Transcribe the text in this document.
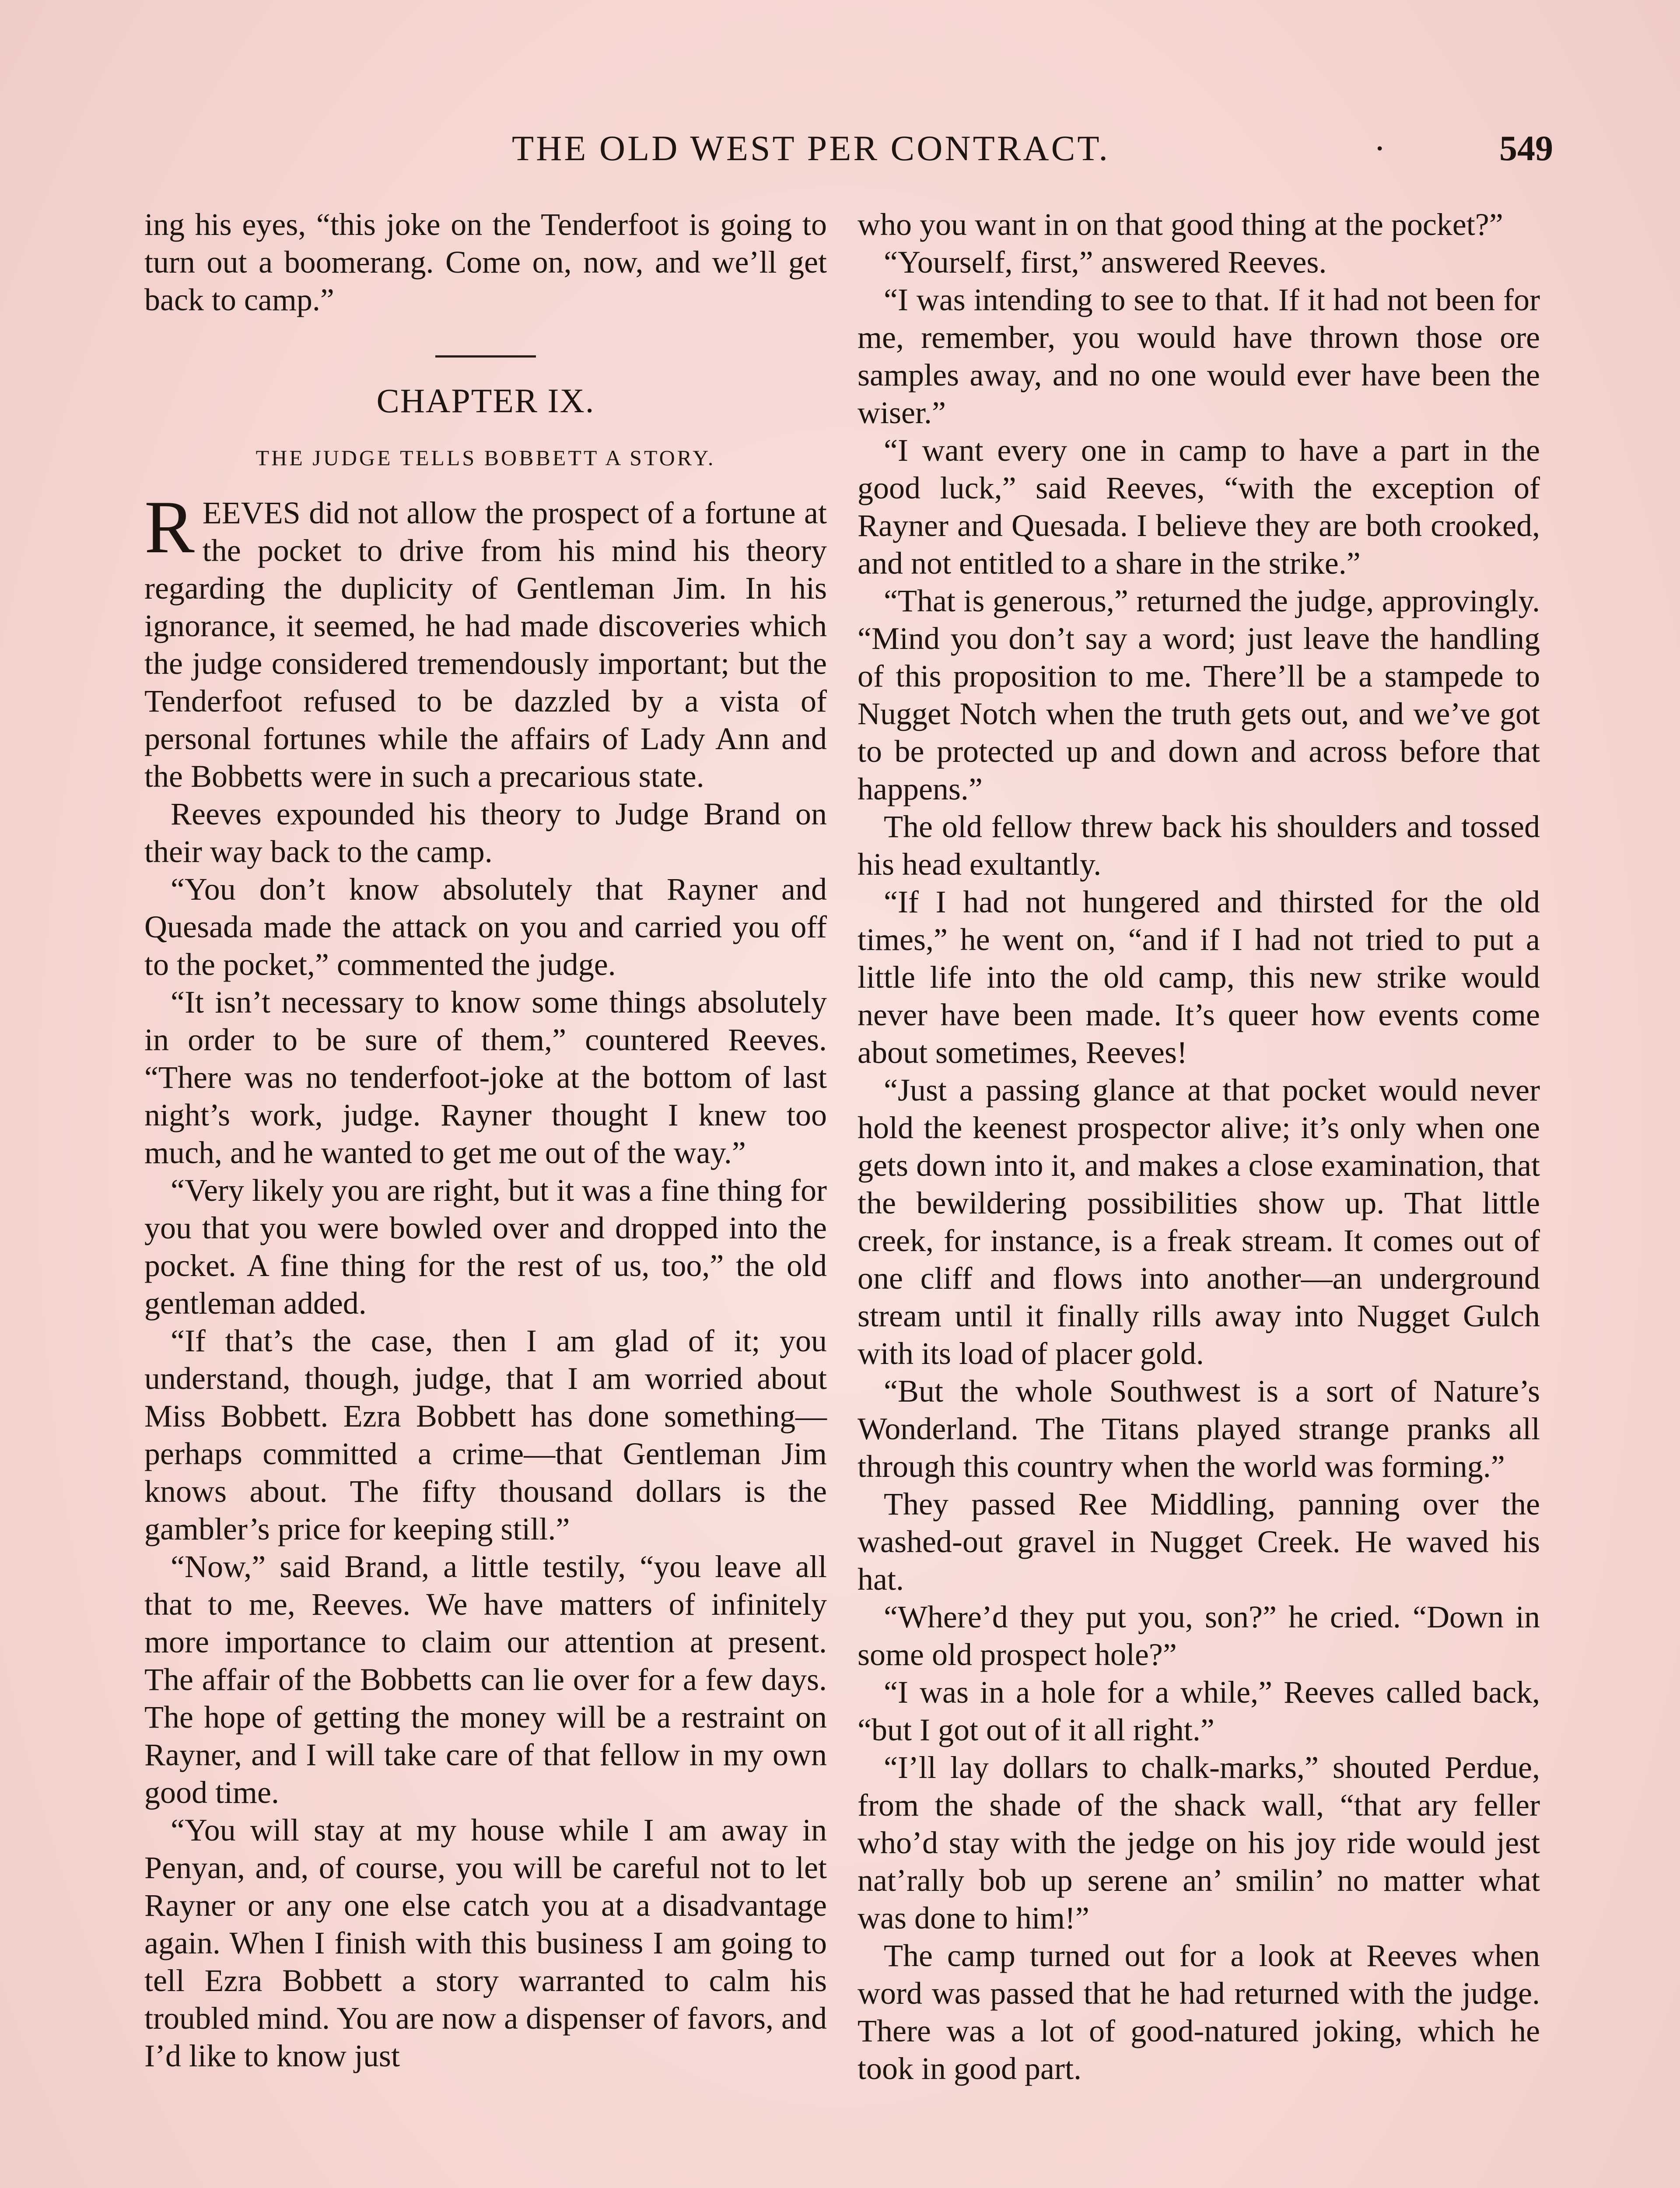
THE OLD WEST PER CONTRACT.	·	549

ing his eyes, “this joke on the Tenderfoot is going to turn out a boomerang. Come on, now, and we’ll get back to camp.”

CHAPTER IX.
THE JUDGE TELLS BOBBETT A STORY.

REEVES did not allow the prospect of a fortune at the pocket to drive from his mind his theory regarding the duplicity of Gentleman Jim. In his ignorance, it seemed, he had made discoveries which the judge considered tremendously important; but the Tenderfoot refused to be dazzled by a vista of personal fortunes while the affairs of Lady Ann and the Bobbetts were in such a precarious state.

Reeves expounded his theory to Judge Brand on their way back to the camp.

“You don’t know absolutely that Rayner and Quesada made the attack on you and carried you off to the pocket,” commented the judge.

“It isn’t necessary to know some things absolutely in order to be sure of them,” countered Reeves. “There was no tenderfoot-joke at the bottom of last night’s work, judge. Rayner thought I knew too much, and he wanted to get me out of the way.”

“Very likely you are right, but it was a fine thing for you that you were bowled over and dropped into the pocket. A fine thing for the rest of us, too,” the old gentleman added.

“If that’s the case, then I am glad of it; you understand, though, judge, that I am worried about Miss Bobbett. Ezra Bobbett has done something—perhaps committed a crime—that Gentleman Jim knows about. The fifty thousand dollars is the gambler’s price for keeping still.”

“Now,” said Brand, a little testily, “you leave all that to me, Reeves. We have matters of infinitely more importance to claim our attention at present. The affair of the Bobbetts can lie over for a few days. The hope of getting the money will be a restraint on Rayner, and I will take care of that fellow in my own good time.

“You will stay at my house while I am away in Penyan, and, of course, you will be careful not to let Rayner or any one else catch you at a disadvantage again. When I finish with this business I am going to tell Ezra Bobbett a story warranted to calm his troubled mind. You are now a dispenser of favors, and I’d like to know just

who you want in on that good thing at the pocket?”

“Yourself, first,” answered Reeves.

“I was intending to see to that. If it had not been for me, remember, you would have thrown those ore samples away, and no one would ever have been the wiser.”

“I want every one in camp to have a part in the good luck,” said Reeves, “with the exception of Rayner and Quesada. I believe they are both crooked, and not entitled to a share in the strike.”

“That is generous,” returned the judge, approvingly. “Mind you don’t say a word; just leave the handling of this proposition to me. There’ll be a stampede to Nugget Notch when the truth gets out, and we’ve got to be protected up and down and across before that happens.”

The old fellow threw back his shoulders and tossed his head exultantly.

“If I had not hungered and thirsted for the old times,” he went on, “and if I had not tried to put a little life into the old camp, this new strike would never have been made. It’s queer how events come about sometimes, Reeves!

“Just a passing glance at that pocket would never hold the keenest prospector alive; it’s only when one gets down into it, and makes a close examination, that the bewildering possibilities show up. That little creek, for instance, is a freak stream. It comes out of one cliff and flows into another—an underground stream until it finally rills away into Nugget Gulch with its load of placer gold.

“But the whole Southwest is a sort of Nature’s Wonderland. The Titans played strange pranks all through this country when the world was forming.”

They passed Ree Middling, panning over the washed-out gravel in Nugget Creek. He waved his hat.

“Where’d they put you, son?” he cried. “Down in some old prospect hole?”

“I was in a hole for a while,” Reeves called back, “but I got out of it all right.”

“I’ll lay dollars to chalk-marks,” shouted Perdue, from the shade of the shack wall, “that ary feller who’d stay with the jedge on his joy ride would jest nat’rally bob up serene an’ smilin’ no matter what was done to him!”

The camp turned out for a look at Reeves when word was passed that he had returned with the judge. There was a lot of good-natured joking, which he took in good part.
